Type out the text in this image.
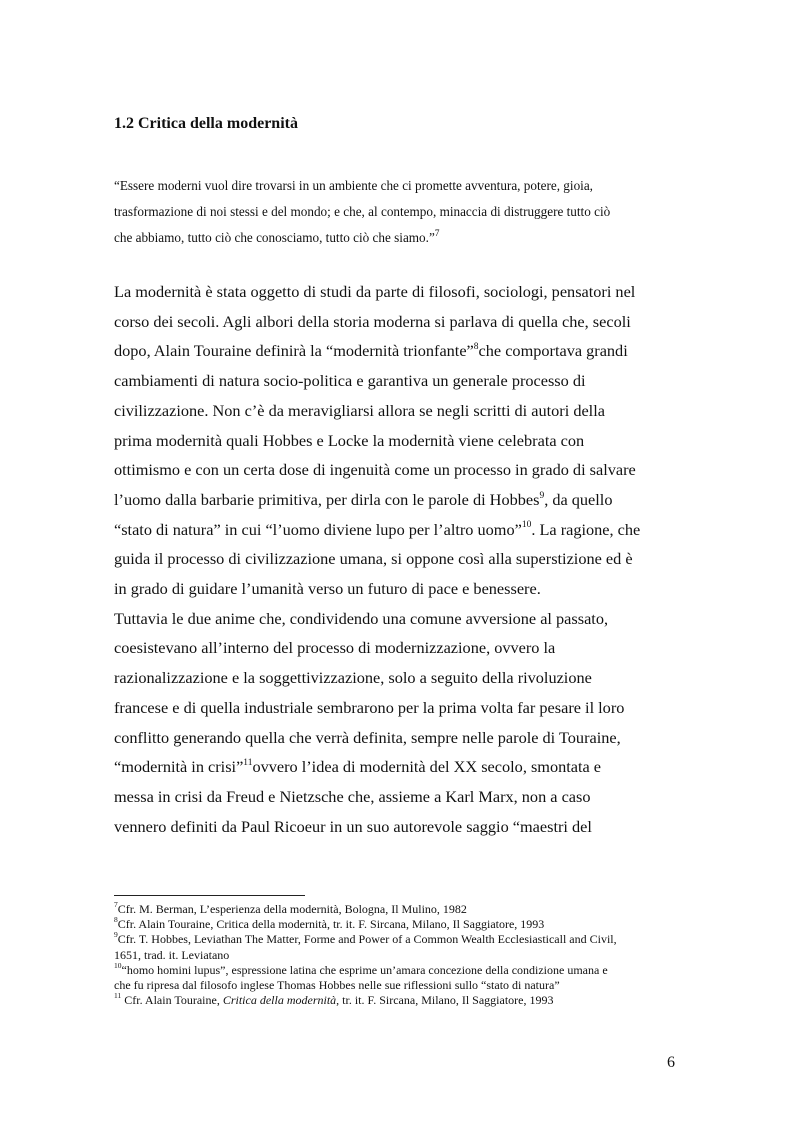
1.2 Critica della modernità
“Essere moderni vuol dire trovarsi in un ambiente che ci promette avventura, potere, gioia,
trasformazione di noi stessi e del mondo; e che, al contempo, minaccia di distruggere tutto ciò
che abbiamo, tutto ciò che conosciamo, tutto ciò che siamo.”$^7$

La modernità è stata oggetto di studi da parte di filosofi, sociologi, pensatori nel
corso dei secoli. Agli albori della storia moderna si parlava di quella che, secoli
dopo, Alain Touraine definirà la “modernità trionfante”$^8$che comportava grandi
cambiamenti di natura socio-politica e garantiva un generale processo di
civilizzazione. Non c’è da meravigliarsi allora se negli scritti di autori della
prima modernità quali Hobbes e Locke la modernità viene celebrata con
ottimismo e con un certa dose di ingenuità come un processo in grado di salvare
l’uomo dalla barbarie primitiva, per dirla con le parole di Hobbes$^9$, da quello
“stato di natura” in cui “l’uomo diviene lupo per l’altro uomo”$^{10}$. La ragione, che
guida il processo di civilizzazione umana, si oppone così alla superstizione ed è
in grado di guidare l’umanità verso un futuro di pace e benessere.

Tuttavia le due anime che, condividendo una comune avversione al passato,
coesistevano all’interno del processo di modernizzazione, ovvero la
razionalizzazione e la soggettivizzazione, solo a seguito della rivoluzione
francese e di quella industriale sembrarono per la prima volta far pesare il loro
conflitto generando quella che verrà definita, sempre nelle parole di Touraine,
“modernità in crisi”$^{11}$ovvero l’idea di modernità del XX secolo, smontata e
messa in crisi da Freud e Nietzsche che, assieme a Karl Marx, non a caso
vennero definiti da Paul Ricoeur in un suo autorevole saggio “maestri del

$^7$Cfr. M. Berman, L’esperienza della modernità, Bologna, Il Mulino, 1982
$^8$Cfr. Alain Touraine, Critica della modernità, tr. it. F. Sircana, Milano, Il Saggiatore, 1993
$^9$Cfr. T. Hobbes, Leviathan The Matter, Forme and Power of a Common Wealth Ecclesiasticall and Civil,
1651, trad. it. Leviatano
$^{10}$“homo homini lupus”, espressione latina che esprime un’amara concezione della condizione umana e
che fu ripresa dal filosofo inglese Thomas Hobbes nelle sue riflessioni sullo “stato di natura”
$^{11}$ Cfr. Alain Touraine, Critica della modernità, tr. it. F. Sircana, Milano, Il Saggiatore, 1993
6
